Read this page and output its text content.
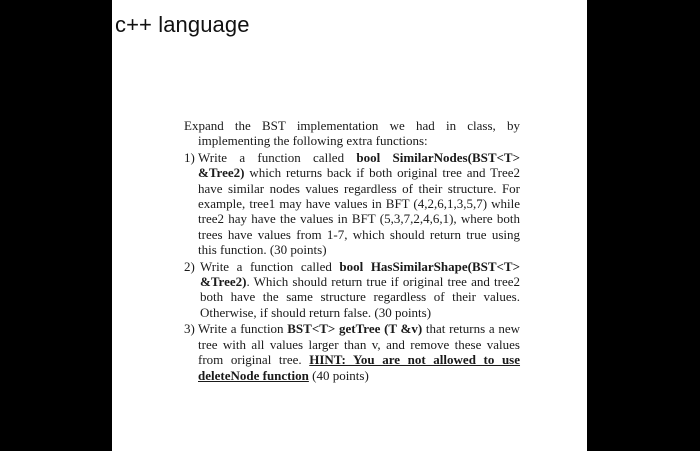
c++ language

Expand the BST implementation we had in class, by implementing the following extra functions:

1) Write a function called bool SimilarNodes(BST<T> &Tree2) which returns back if both original tree and Tree2 have similar nodes values regardless of their structure. For example, tree1 may have values in BFT (4,2,6,1,3,5,7) while tree2 hay have the values in BFT (5,3,7,2,4,6,1), where both trees have values from 1-7, which should return true using this function. (30 points)
2) Write a function called bool HasSimilarShape(BST<T> &Tree2). Which should return true if original tree and tree2 both have the same structure regardless of their values. Otherwise, if should return false. (30 points)
3) Write a function BST<T> getTree (T &v) that returns a new tree with all values larger than v, and remove these values from original tree. HINT: You are not allowed to use deleteNode function (40 points)
